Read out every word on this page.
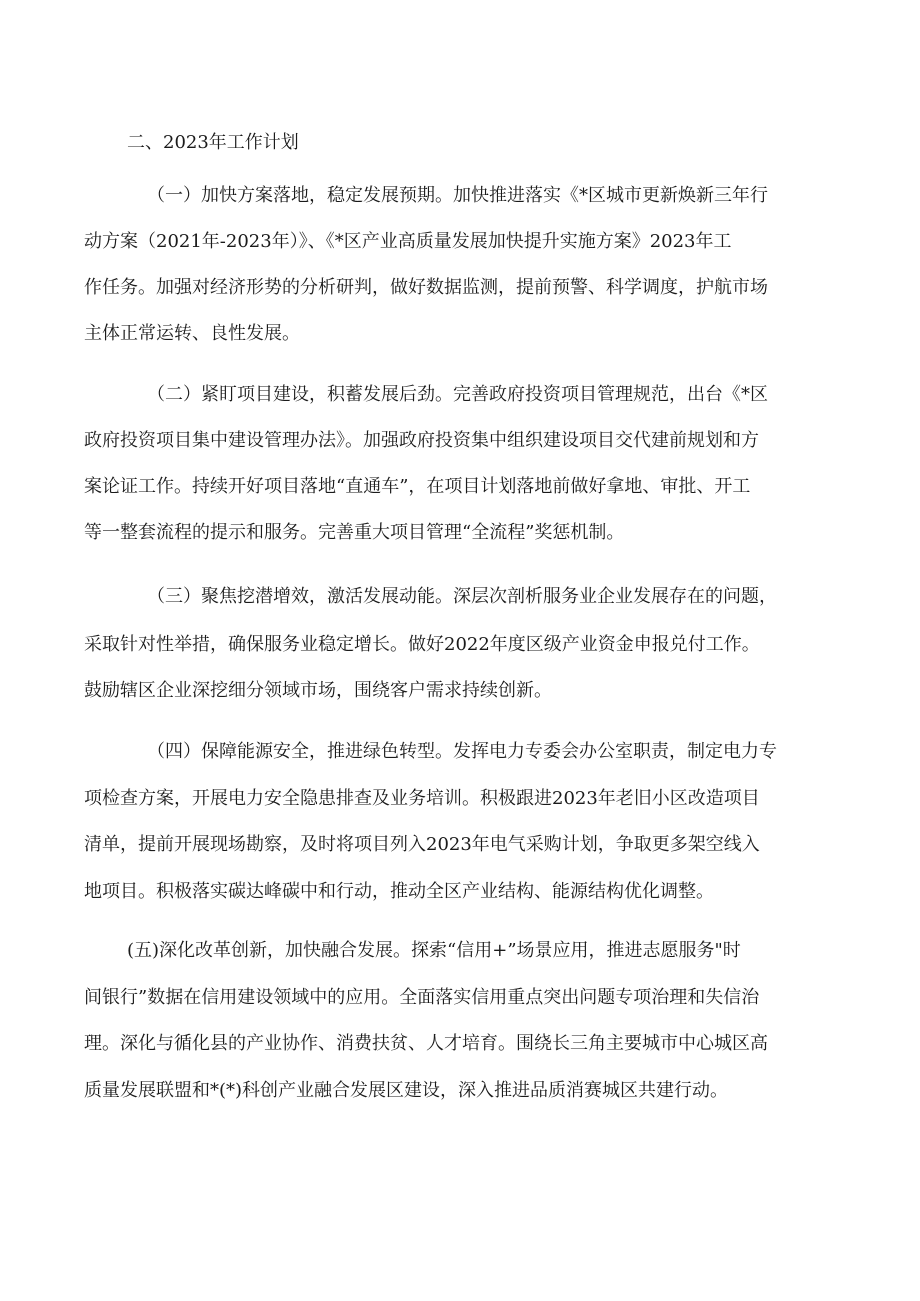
二、2023年工作计划
（一）加快方案落地，稳定发展预期。加快推进落实《*区城市更新焕新三年行
动方案（2021年-2023年）》、《*区产业高质量发展加快提升实施方案》2023年工
作任务。加强对经济形势的分析研判，做好数据监测，提前预警、科学调度，护航市场
主体正常运转、良性发展。
（二）紧盯项目建设，积蓄发展后劲。完善政府投资项目管理规范，出台《*区
政府投资项目集中建设管理办法》。加强政府投资集中组织建设项目交代建前规划和方
案论证工作。持续开好项目落地“直通车”，在项目计划落地前做好拿地、审批、开工
等一整套流程的提示和服务。完善重大项目管理“全流程”奖惩机制。
（三）聚焦挖潜增效，激活发展动能。深层次剖析服务业企业发展存在的问题，
采取针对性举措，确保服务业稳定增长。做好2022年度区级产业资金申报兑付工作。
鼓励辖区企业深挖细分领域市场，围绕客户需求持续创新。
（四）保障能源安全，推进绿色转型。发挥电力专委会办公室职责，制定电力专
项检查方案，开展电力安全隐患排查及业务培训。积极跟进2023年老旧小区改造项目
清单，提前开展现场勘察，及时将项目列入2023年电气采购计划，争取更多架空线入
地项目。积极落实碳达峰碳中和行动，推动全区产业结构、能源结构优化调整。
(五)深化改革创新，加快融合发展。探索“信用+”场景应用，推进志愿服务"时
间银行”数据在信用建设领域中的应用。全面落实信用重点突出问题专项治理和失信治
理。深化与循化县的产业协作、消费扶贫、人才培育。围绕长三角主要城市中心城区高
质量发展联盟和*(*)科创产业融合发展区建设，深入推进品质消赛城区共建行动。
